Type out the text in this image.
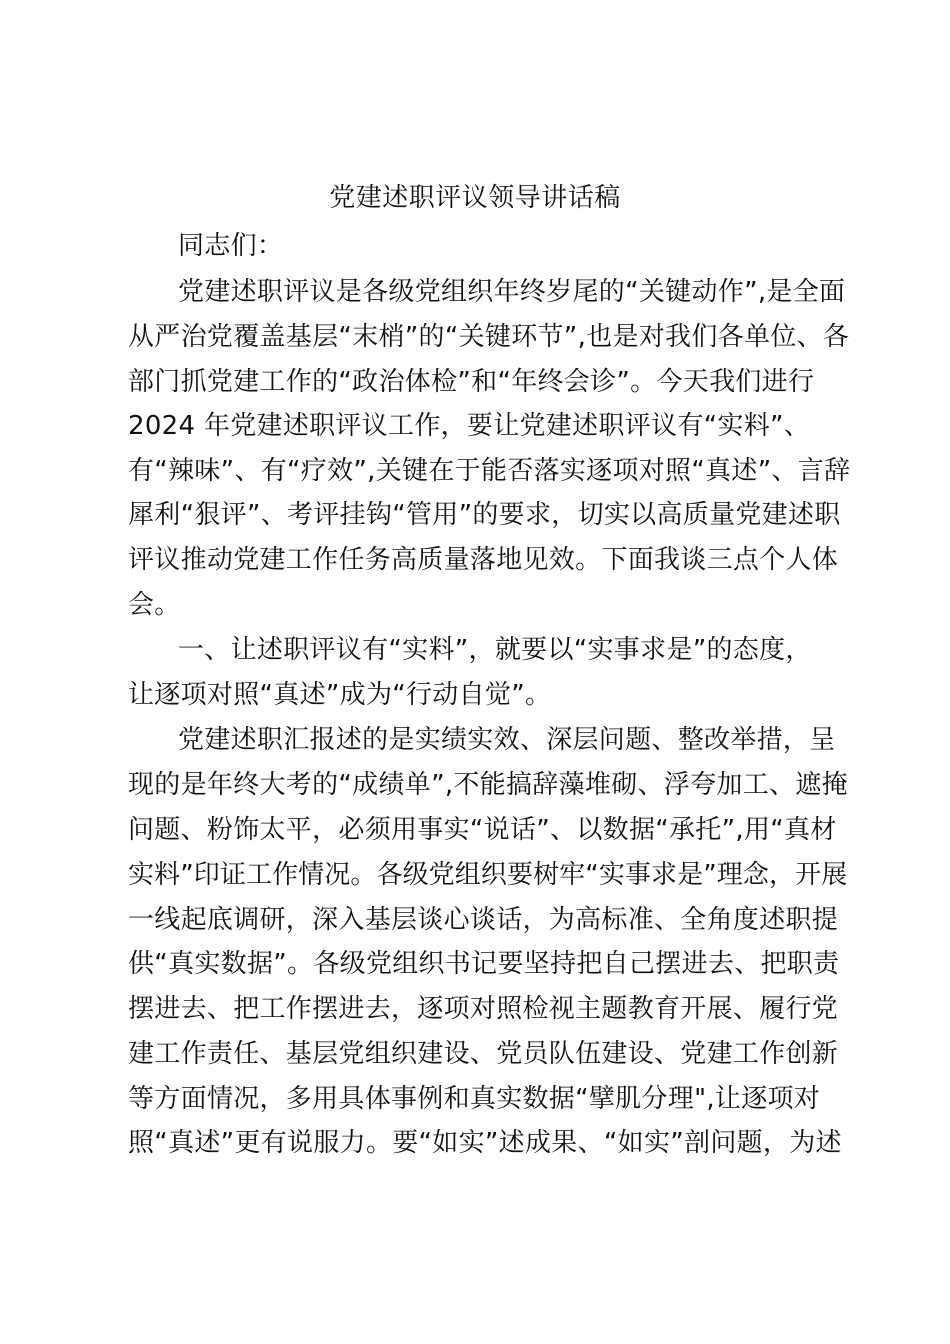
党建述职评议领导讲话稿

同志们：

党建述职评议是各级党组织年终岁尾的“关键动作”,是全面

从严治党覆盖基层“末梢”的“关键环节”,也是对我们各单位、各

部门抓党建工作的“政治体检”和“年终会诊”。今天我们进行

2024 年党建述职评议工作，要让党建述职评议有“实料”、

有“辣味”、有“疗效”,关键在于能否落实逐项对照“真述”、言辞

犀利“狠评”、考评挂钩“管用”的要求，切实以高质量党建述职

评议推动党建工作任务高质量落地见效。下面我谈三点个人体

会。

一、让述职评议有“实料”，就要以“实事求是”的态度，

让逐项对照“真述”成为“行动自觉”。

党建述职汇报述的是实绩实效、深层问题、整改举措，呈

现的是年终大考的“成绩单”,不能搞辞藻堆砌、浮夸加工、遮掩

问题、粉饰太平，必须用事实“说话”、以数据“承托”,用“真材

实料”印证工作情况。各级党组织要树牢“实事求是”理念，开展

一线起底调研，深入基层谈心谈话，为高标准、全角度述职提

供“真实数据”。各级党组织书记要坚持把自己摆进去、把职责

摆进去、把工作摆进去，逐项对照检视主题教育开展、履行党

建工作责任、基层党组织建设、党员队伍建设、党建工作创新

等方面情况，多用具体事例和真实数据“擘肌分理",让逐项对

照“真述”更有说服力。要“如实”述成果、“如实”剖问题，为述
